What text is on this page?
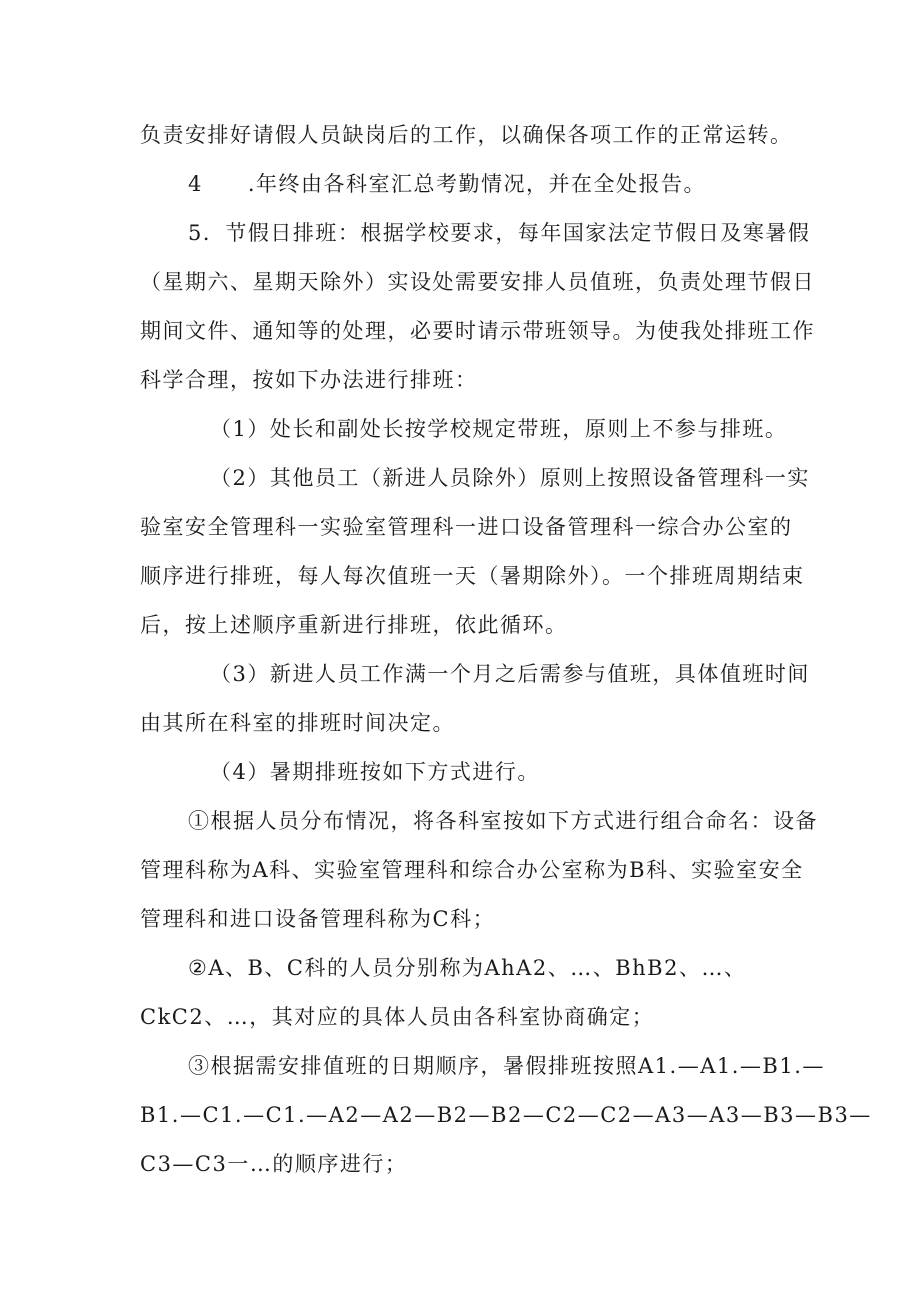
负责安排好请假人员缺岗后的工作，以确保各项工作的正常运转。
4　　.年终由各科室汇总考勤情况，并在全处报告。
5．节假日排班：根据学校要求，每年国家法定节假日及寒暑假
（星期六、星期天除外）实设处需要安排人员值班，负责处理节假日
期间文件、通知等的处理，必要时请示带班领导。为使我处排班工作
科学合理，按如下办法进行排班：
（1）处长和副处长按学校规定带班，原则上不参与排班。
（2）其他员工（新进人员除外）原则上按照设备管理科一实
验室安全管理科一实验室管理科一进口设备管理科一综合办公室的
顺序进行排班，每人每次值班一天（暑期除外）。一个排班周期结束
后，按上述顺序重新进行排班，依此循环。
（3）新进人员工作满一个月之后需参与值班，具体值班时间
由其所在科室的排班时间决定。
（4）暑期排班按如下方式进行。
①根据人员分布情况，将各科室按如下方式进行组合命名：设备
管理科称为A科、实验室管理科和综合办公室称为B科、实验室安全
管理科和进口设备管理科称为C科；
②A、B、C科的人员分别称为AhA2、…、BhB2、…、
CkC2、…，其对应的具体人员由各科室协商确定；
③根据需安排值班的日期顺序，暑假排班按照A1.—A1.—B1.—
B1.—C1.—C1.—A2—A2—B2—B2—C2—C2—A3—A3—B3—B3—
C3—C3一…的顺序进行；
